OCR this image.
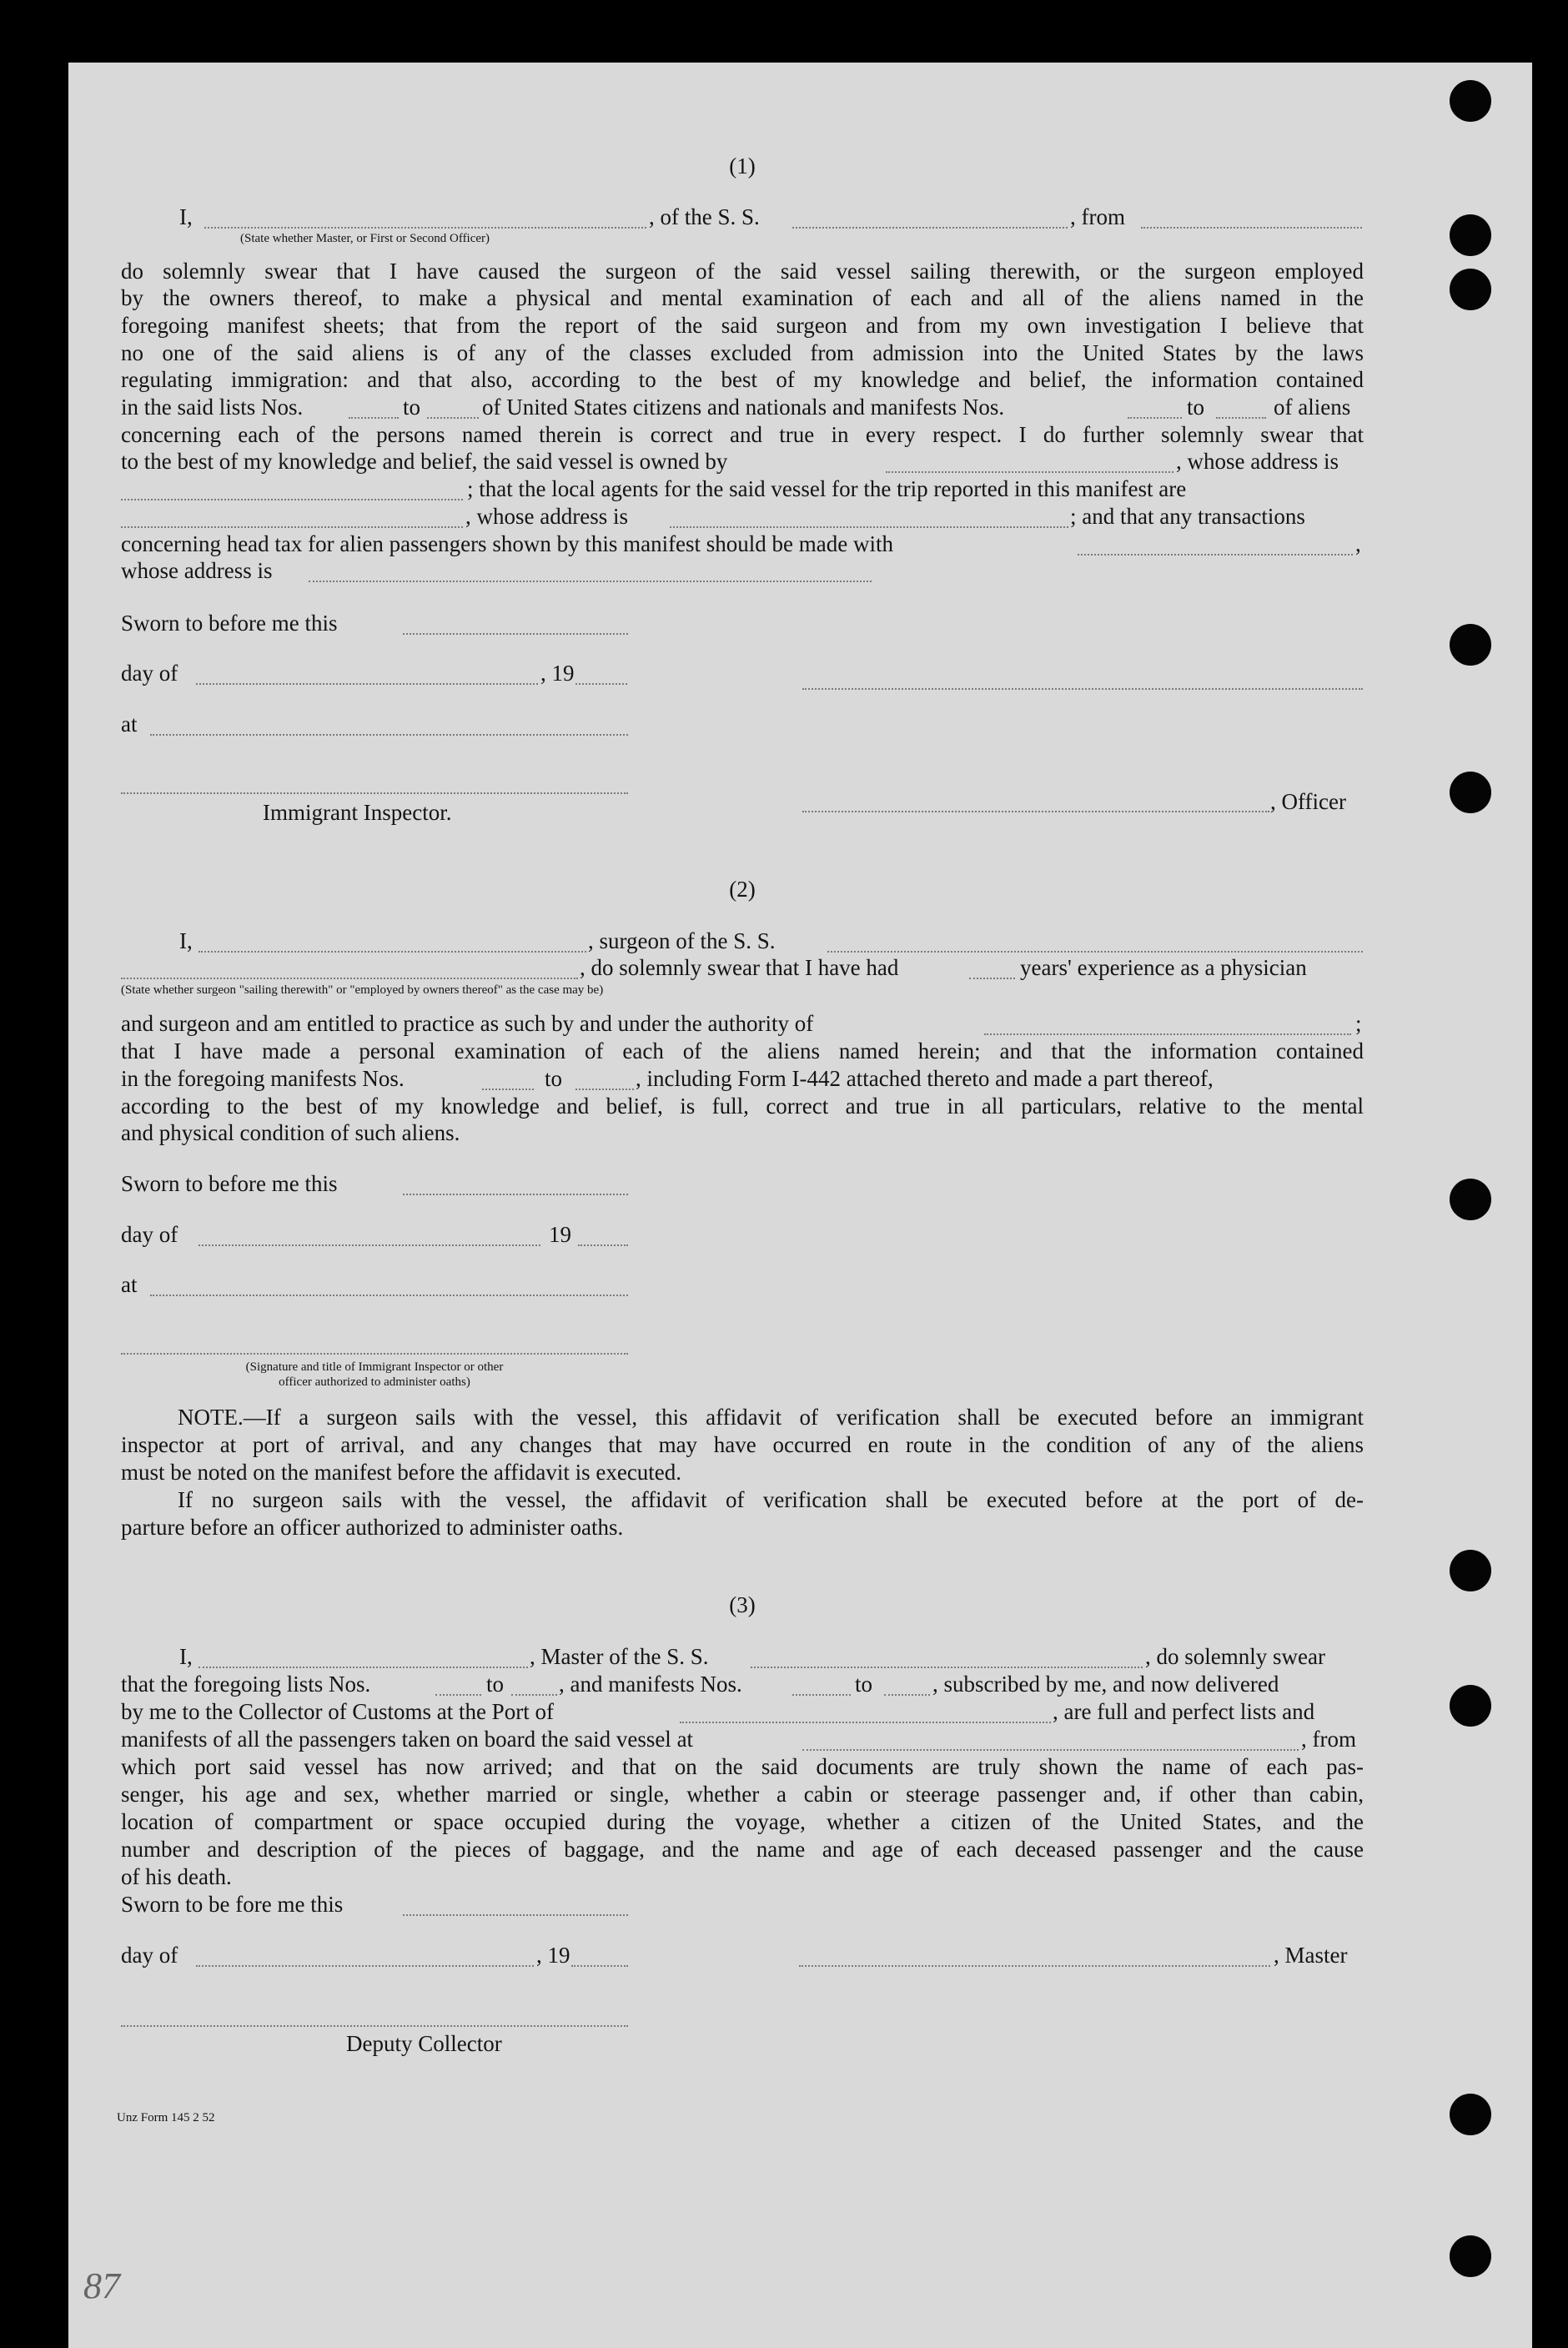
(1)
I,	, of the S. S.	, from
(State whether Master, or First or Second Officer)
do solemnly swear that I have caused the surgeon of the said vessel sailing therewith, or the surgeon employed
by the owners thereof, to make a physical and mental examination of each and all of the aliens named in the
foregoing manifest sheets; that from the report of the said surgeon and from my own investigation I believe that
no one of the said aliens is of any of the classes excluded from admission into the United States by the laws
regulating immigration: and that also, according to the best of my knowledge and belief, the information contained
in the said lists Nos.	to	of United States citizens and nationals and manifests Nos.	to	of aliens
concerning each of the persons named therein is correct and true in every respect. I do further solemnly swear that
to the best of my knowledge and belief, the said vessel is owned by	, whose address is
; that the local agents for the said vessel for the trip reported in this manifest are
, whose address is	; and that any transactions
concerning head tax for alien passengers shown by this manifest should be made with	,
whose address is
Sworn to before me this
day of	, 19
at
Immigrant Inspector.	, Officer
(2)
I,	, surgeon of the S. S.
, do solemnly swear that I have had	years' experience as a physician
(State whether surgeon "sailing therewith" or "employed by owners thereof" as the case may be)
and surgeon and am entitled to practice as such by and under the authority of	;
that I have made a personal examination of each of the aliens named herein; and that the information contained
in the foregoing manifests Nos.	to	, including Form I-442 attached thereto and made a part thereof,
according to the best of my knowledge and belief, is full, correct and true in all particulars, relative to the mental
and physical condition of such aliens.
Sworn to before me this
day of	19
at
(Signature and title of Immigrant Inspector or other
officer authorized to administer oaths)
NOTE.—If a surgeon sails with the vessel, this affidavit of verification shall be executed before an immigrant
inspector at port of arrival, and any changes that may have occurred en route in the condition of any of the aliens
must be noted on the manifest before the affidavit is executed.
If no surgeon sails with the vessel, the affidavit of verification shall be executed before at the port of de-
parture before an officer authorized to administer oaths.
(3)
I,	, Master of the S. S.	, do solemnly swear
that the foregoing lists Nos.	to , and manifests Nos.	to	, subscribed by me, and now delivered
by me to the Collector of Customs at the Port of	, are full and perfect lists and
manifests of all the passengers taken on board the said vessel at	, from
which port said vessel has now arrived; and that on the said documents are truly shown the name of each pas-
senger, his age and sex, whether married or single, whether a cabin or steerage passenger and, if other than cabin,
location of compartment or space occupied during the voyage, whether a citizen of the United States, and the
number and description of the pieces of baggage, and the name and age of each deceased passenger and the cause
of his death.
Sworn to be fore me this
day of	, 19	, Master
Deputy Collector
Unz Form 145 2 52
87
